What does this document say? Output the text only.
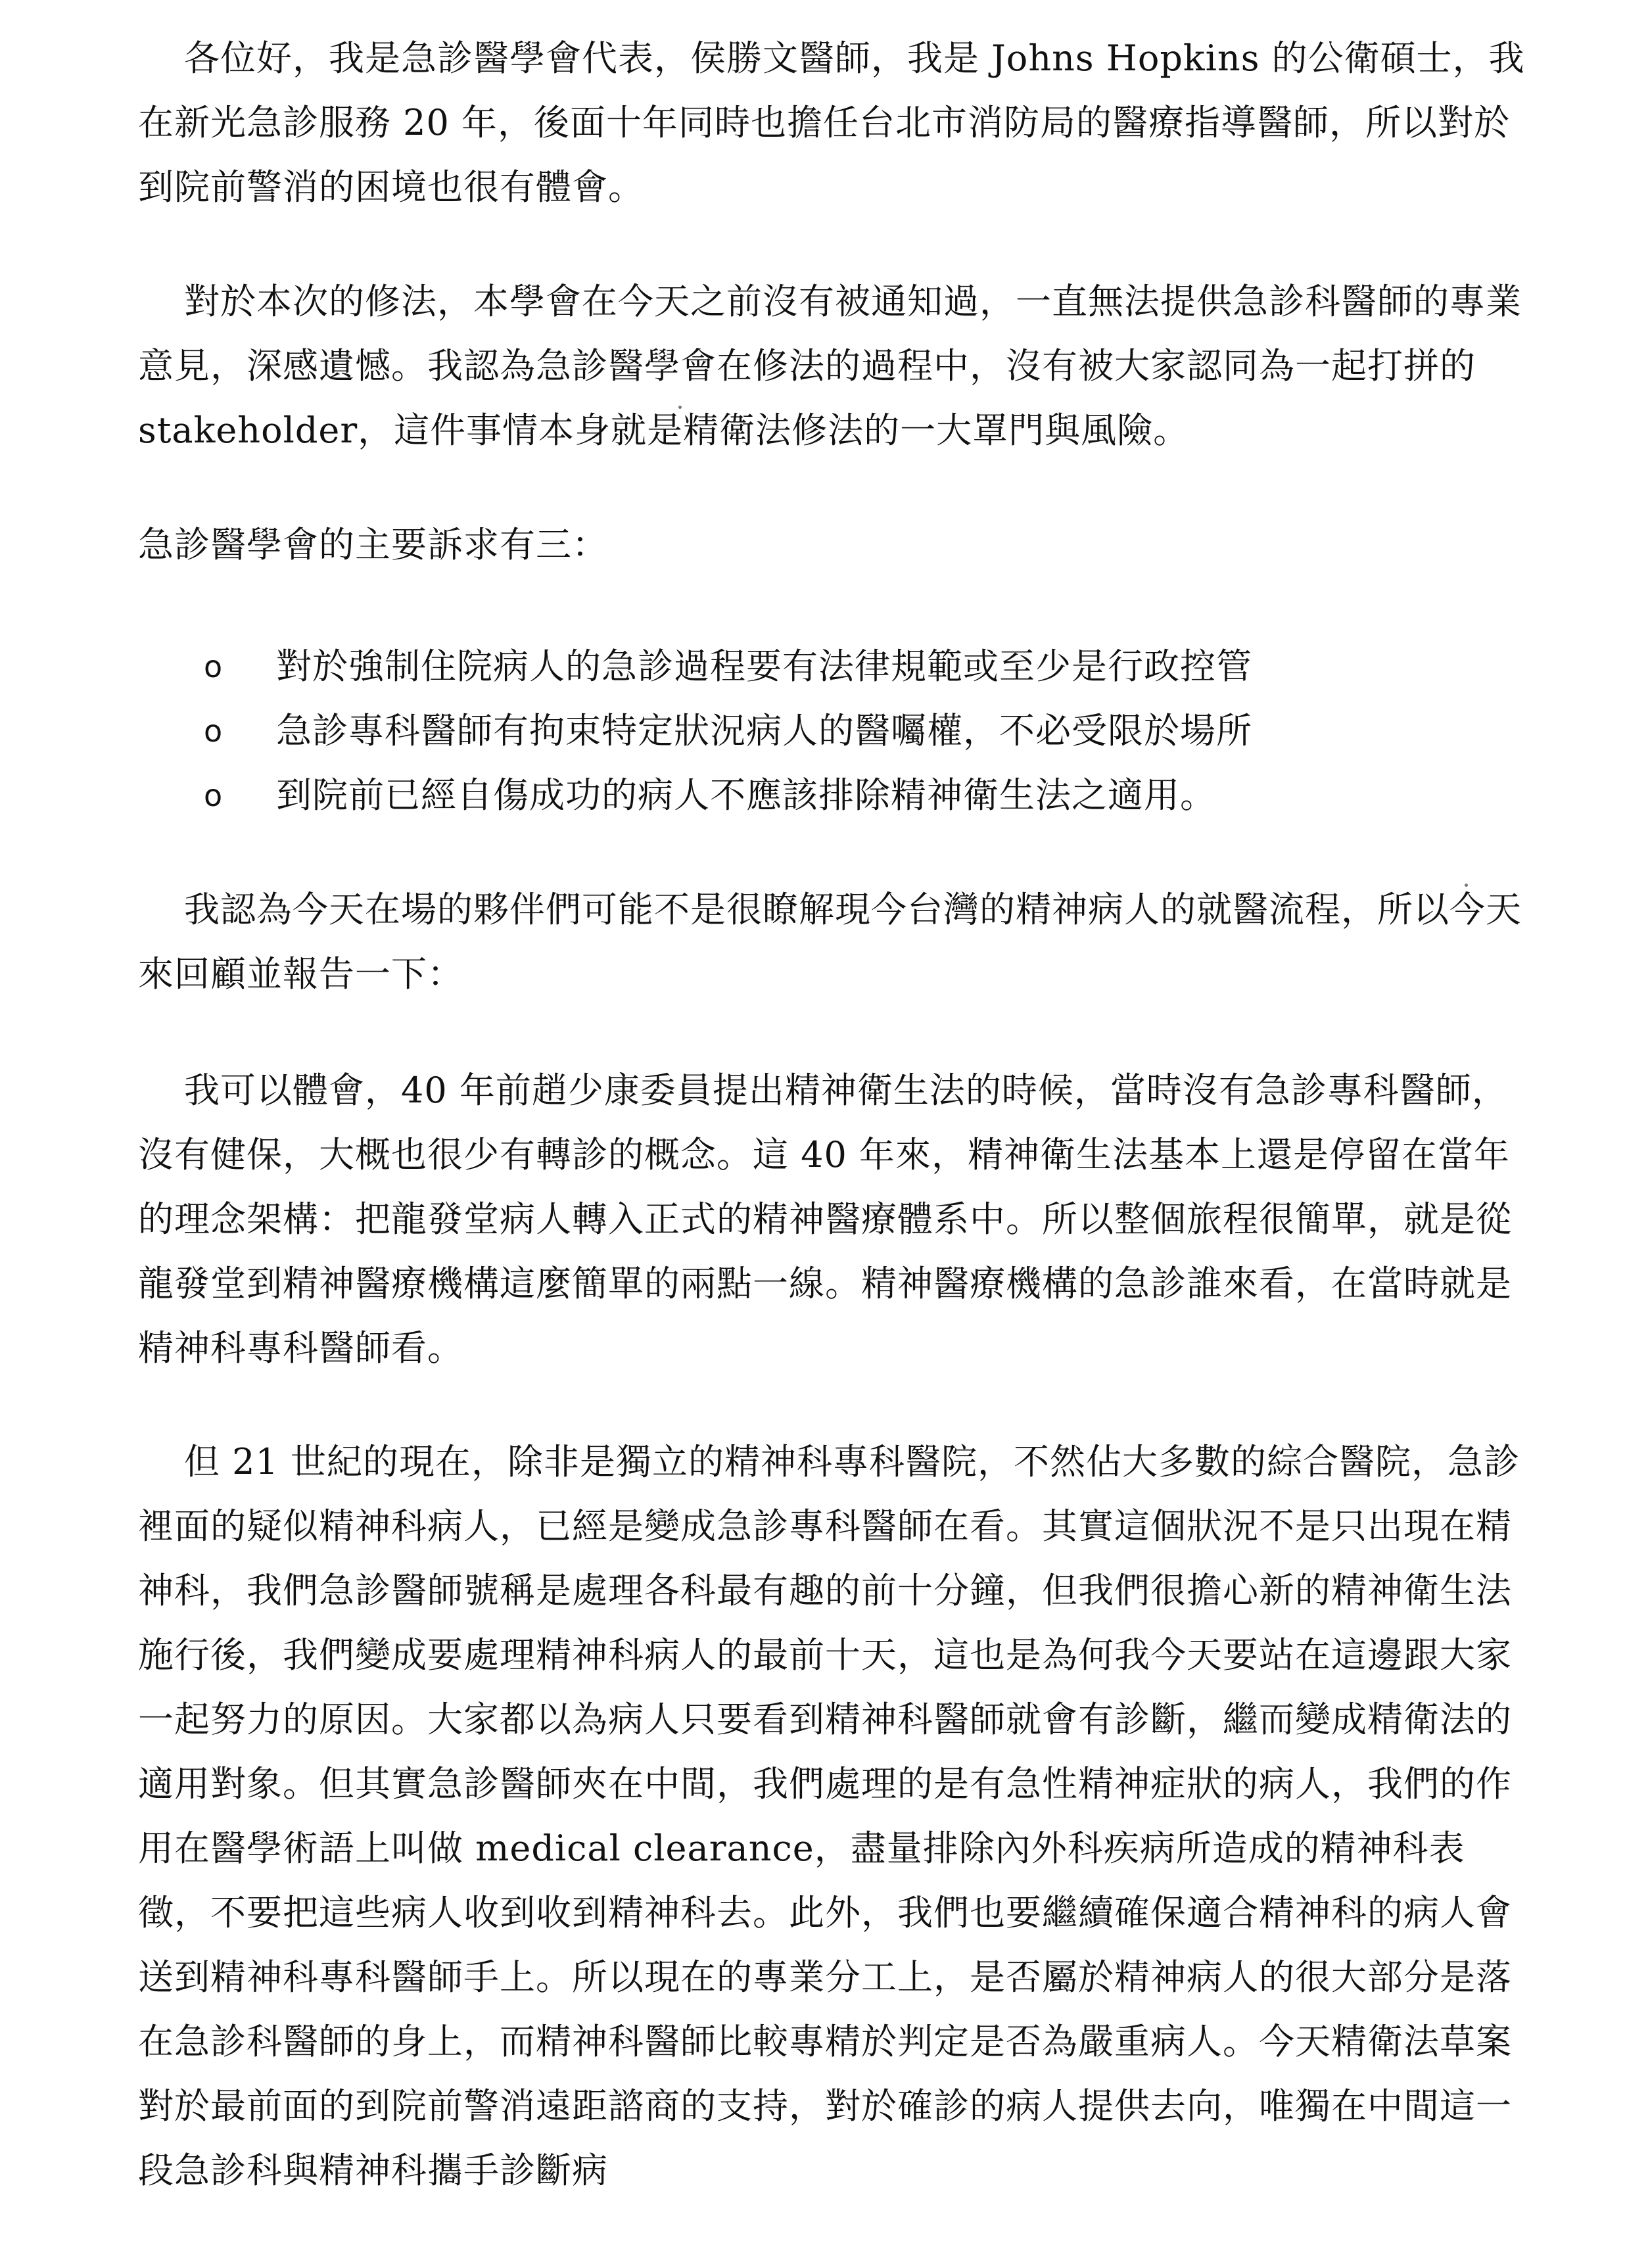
各位好，我是急診醫學會代表，侯勝文醫師，我是 Johns Hopkins 的公衛碩士，我在新光急診服務 20 年，後面十年同時也擔任台北市消防局的醫療指導醫師，所以對於到院前警消的困境也很有體會。

對於本次的修法，本學會在今天之前沒有被通知過，一直無法提供急診科醫師的專業意見，深感遺憾。我認為急診醫學會在修法的過程中，沒有被大家認同為一起打拼的 stakeholder，這件事情本身就是精衛法修法的一大罩門與風險。

急診醫學會的主要訴求有三：

o 對於強制住院病人的急診過程要有法律規範或至少是行政控管
o 急診專科醫師有拘束特定狀況病人的醫囑權，不必受限於場所
o 到院前已經自傷成功的病人不應該排除精神衛生法之適用。

我認為今天在場的夥伴們可能不是很瞭解現今台灣的精神病人的就醫流程，所以今天來回顧並報告一下：

我可以體會，40 年前趙少康委員提出精神衛生法的時候，當時沒有急診專科醫師，沒有健保，大概也很少有轉診的概念。這 40 年來，精神衛生法基本上還是停留在當年的理念架構：把龍發堂病人轉入正式的精神醫療體系中。所以整個旅程很簡單，就是從龍發堂到精神醫療機構這麼簡單的兩點一線。精神醫療機構的急診誰來看，在當時就是精神科專科醫師看。

但 21 世紀的現在，除非是獨立的精神科專科醫院，不然佔大多數的綜合醫院，急診裡面的疑似精神科病人，已經是變成急診專科醫師在看。其實這個狀況不是只出現在精神科，我們急診醫師號稱是處理各科最有趣的前十分鐘，但我們很擔心新的精神衛生法施行後，我們變成要處理精神科病人的最前十天，這也是為何我今天要站在這邊跟大家一起努力的原因。大家都以為病人只要看到精神科醫師就會有診斷，繼而變成精衛法的適用對象。但其實急診醫師夾在中間，我們處理的是有急性精神症狀的病人，我們的作用在醫學術語上叫做 medical clearance，盡量排除內外科疾病所造成的精神科表徵，不要把這些病人收到收到精神科去。此外，我們也要繼續確保適合精神科的病人會送到精神科專科醫師手上。所以現在的專業分工上，是否屬於精神病人的很大部分是落在急診科醫師的身上，而精神科醫師比較專精於判定是否為嚴重病人。今天精衛法草案對於最前面的到院前警消遠距諮商的支持，對於確診的病人提供去向，唯獨在中間這一段急診科與精神科攜手診斷病
